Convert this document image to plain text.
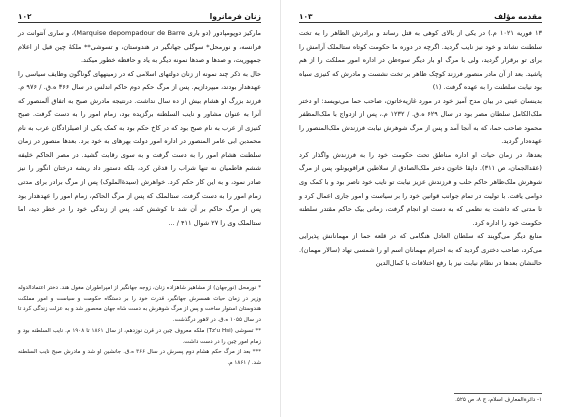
زنان فرمانروا
۱۰۲

مارکیز دوپومپادور (دو باری Marquise depompadour de Barre)، و ساری آنتوانت در فرانسه، و نورمحل* سوگلی جهانگیر در هندوستان، و تسوشی** ملکهٔ چین قبل از اعلام جمهوریت، و صدها و صدها نمونه دیگر به یاد و حافظه خطور میکند.

حال به ذکر چند نمونه از زنان دولتهای اسلامی که در زمینههای گوناگون وظایف سیاسی را عهدهدار بودند، میپردازیم. پس از مرگ حکم دوم حاکم اندلس در سال ۳۶۶ ه.ق. / ۹۷۶ م. فرزند بزرگ او هشام بیش از ده سال نداشت. درنتیجه مادرش صبح به اتفاق آلمنصور که آنرا به عنوان مشاور و نایب السلطنه برگزیده بود، زمام امور را به دست گرفت. صبح کنیزی از عرب به نام صبح بود که در کاخ حکم بود به کمک یکی از اصیلزادگان عرب به نام محمدبن ابی عامر المنصور در اداره امور دولت بهرهای به خود برد. بعدها منصور در زمان سلطنت هشام امور را به دست گرفت و به سوی رقابت گشید. در مصر الحاکم خلیفه ششم فاطمیان نه تنها شراب را قدغن کرد، بلکه دستور داد ریشه درختان انگور را نیز صادر نمود، و به این کار حکم کرد. خواهرش (سیدةالملوک) پس از مرگ برادر برای مدتی زمام امور را به دست گرفت. ستالملک که پس از مرگ الحاکم، زمام امور را عهدهدار بود پس از مرگ حاکم بر آن شد تا کوشش کند، پس از زندگی خود را در خطر دید، اما ستالملک وی را ۲۷ شوال ۴۱۱ / ...

* نورمحل (نورجهان) از مشاهیر شاهزاده زنان، زوجه جهانگیر از امپراطوران مغول هند. دختر اعتمادالدوله وزیر در زمان حیات همسرش جهانگیر، قدرت خود را بر دستگاه حکومت و سیاست و امور مملکت هندوستان استوار ساخت و پس از مرگ شوهرش به دست شاه جهان محصور شد و به عزلت زندگی کرد تا در سال ۱۰۵۵ ه.ق. در لاهور درگذشت.

** تسوشی (Tz'u Hsi) ملکه معروف چین در قرن نوزدهم، از سال ۱۸۶۱ تا ۱۹۰۸ م. نایب السلطنه بود و زمام امور چین را در دست داشت.

*** بعد از مرگ حکم هشام دوم پسرش در سال ۳۶۶ ه.ق. جانشین او شد و مادرش صبح نایب السلطنه شد. / ۱۸۶۱ م.

مقدمه مؤلف
۱۰۳

۱۳ فوریه ۱۰۲۱ م.) در یکی از بالای کوهی به قتل رساند و برادرش الظاهر را به تخت سلطنت نشاند و خود نیز نایب گردید. اگرچه در دوره ما حکومت کوتاه ستالملک آرامش را برای تو برقرار گردید، ولی با مرگ او بار دیگر سوءظن در اداره امور مملکت را از هم پاشید. بعد از آن مادر منصور فرزند کوچک ظاهر بر تخت نشست و مادرش که کنیزی سیاه بود نیابت سلطنت را به عهده گرفت. (۱)

بدینسان عینی در بیان مدح آمیز خود در مورد غازیه‌خاتون، صاحب حما می‌نویسد: او دختر ملک‌الکامل سلطان مصر بود در سال ۶۲۹ ه.ق. / ۱۲۳۲ م.، پس از ازدواج با ملک‌المظفر محمود صاحب حما، که به آنجا آمد و پس از مرگ شوهرش نیابت فرزندش ملک‌المنصور را عهده‌دار گردید.

بعدها، در زمان حیات او اداره مناطق تحت حکومت خود را به فرزندش واگذار کرد (عقدالجمان، ص ۳۱۱). داپقا خاتون دختر ملک‌الصادق از سلاطین قراقویونلو، پس از مرگ شوهرش ملک‌ظاهر حاکم حلب و فرزندش عزیز نیابت تو نایب خود ناصر بود و با کمک وی دوامی یافت. با تولیت در تمام جوانب قوانین خود را بر سیاست و امور جاری اعمال کرد و تا مدتی که داشت به نظمی که به دست او انجام گرفت، زمانی بیک حاکم مقتدر سلطنه حکومت خود را اداره کرد.

منابع دیگر می‌گویند که سلطان العادل هنگامی که در قلعه حما از مهمانانش پذیرایی می‌کرد، صاحب دختری گردید که به احترام مهمانان اسم او را شمسی نهاد (سالار مهمان). حالنشان بعدها در نظام نیابت نیز با رفع اختلافات با کمال‌الدین

۱- دائرةالمعارف اسلام، ج ۸، ص ۵۲۵.
